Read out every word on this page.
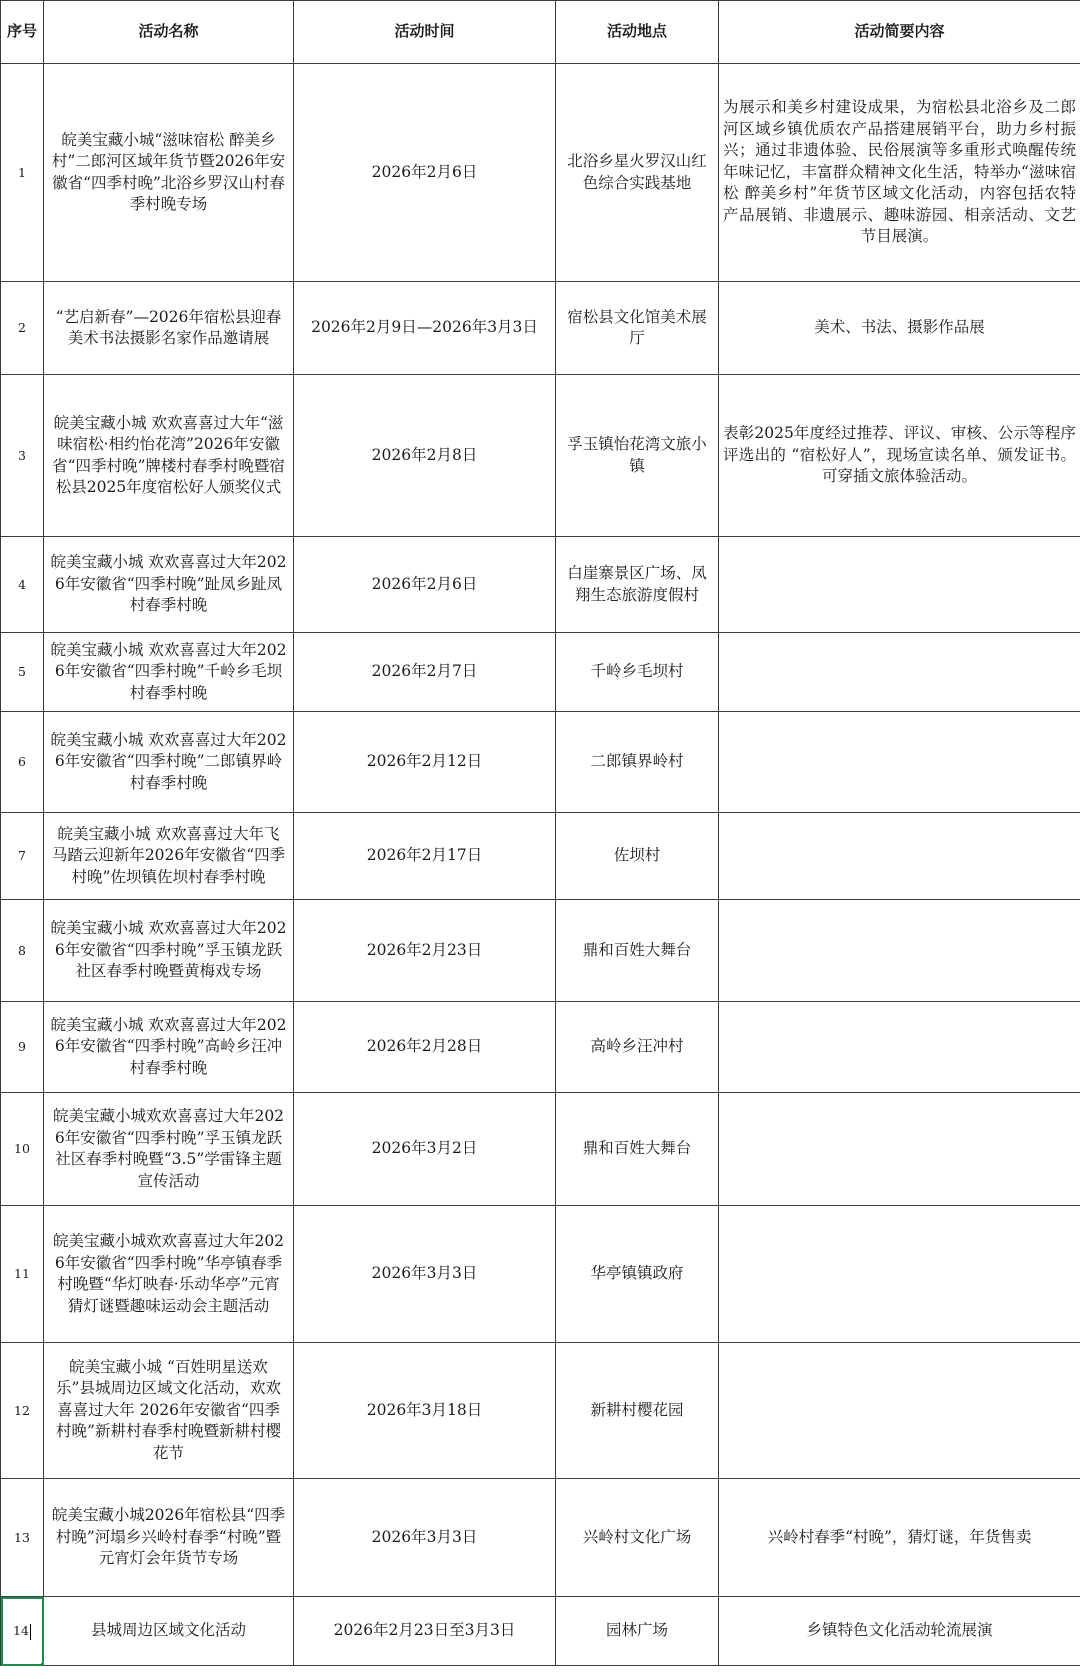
序号	活动名称	活动时间	活动地点	活动简要内容
1	皖美宝藏小城“滋味宿松 醉美乡村”二郎河区域年货节暨2026年安徽省“四季村晚”北浴乡罗汉山村春季村晚专场	2026年2月6日	北浴乡星火罗汉山红色综合实践基地	为展示和美乡村建设成果，为宿松县北浴乡及二郎河区域乡镇优质农产品搭建展销平台，助力乡村振兴；通过非遗体验、民俗展演等多重形式唤醒传统年味记忆，丰富群众精神文化生活，特举办“滋味宿松 醉美乡村”年货节区域文化活动，内容包括农特产品展销、非遗展示、趣味游园、相亲活动、文艺节目展演。
2	“艺启新春”—2026年宿松县迎春美术书法摄影名家作品邀请展	2026年2月9日—2026年3月3日	宿松县文化馆美术展厅	美术、书法、摄影作品展
3	皖美宝藏小城 欢欢喜喜过大年“滋味宿松·相约怡花湾”2026年安徽省“四季村晚”牌楼村春季村晚暨宿松县2025年度宿松好人颁奖仪式	2026年2月8日	孚玉镇怡花湾文旅小镇	表彰2025年度经过推荐、评议、审核、公示等程序评选出的 “宿松好人”，现场宣读名单、颁发证书。可穿插文旅体验活动。
4	皖美宝藏小城 欢欢喜喜过大年2026年安徽省“四季村晚”趾凤乡趾凤村春季村晚	2026年2月6日	白崖寨景区广场、凤翔生态旅游度假村	
5	皖美宝藏小城 欢欢喜喜过大年2026年安徽省“四季村晚”千岭乡毛坝村春季村晚	2026年2月7日	千岭乡毛坝村	
6	皖美宝藏小城 欢欢喜喜过大年2026年安徽省“四季村晚”二郎镇界岭村春季村晚	2026年2月12日	二郎镇界岭村	
7	皖美宝藏小城 欢欢喜喜过大年飞马踏云迎新年2026年安徽省“四季村晚”佐坝镇佐坝村春季村晚	2026年2月17日	佐坝村	
8	皖美宝藏小城 欢欢喜喜过大年2026年安徽省“四季村晚”孚玉镇龙跃社区春季村晚暨黄梅戏专场	2026年2月23日	鼎和百姓大舞台	
9	皖美宝藏小城 欢欢喜喜过大年2026年安徽省“四季村晚”高岭乡汪冲村春季村晚	2026年2月28日	高岭乡汪冲村	
10	皖美宝藏小城欢欢喜喜过大年2026年安徽省“四季村晚”孚玉镇龙跃社区春季村晚暨“3.5”学雷锋主题宣传活动	2026年3月2日	鼎和百姓大舞台	
11	皖美宝藏小城欢欢喜喜过大年2026年安徽省“四季村晚”华亭镇春季村晚暨“华灯映春·乐动华亭”元宵猜灯谜暨趣味运动会主题活动	2026年3月3日	华亭镇镇政府	
12	皖美宝藏小城 “百姓明星送欢乐”县城周边区域文化活动，欢欢喜喜过大年 2026年安徽省“四季村晚”新耕村春季村晚暨新耕村樱花节	2026年3月18日	新耕村樱花园	
13	皖美宝藏小城2026年宿松县“四季村晚”河塌乡兴岭村春季“村晚”暨元宵灯会年货节专场	2026年3月3日	兴岭村文化广场	兴岭村春季“村晚”，猜灯谜，年货售卖
14	县城周边区域文化活动	2026年2月23日至3月3日	园林广场	乡镇特色文化活动轮流展演
